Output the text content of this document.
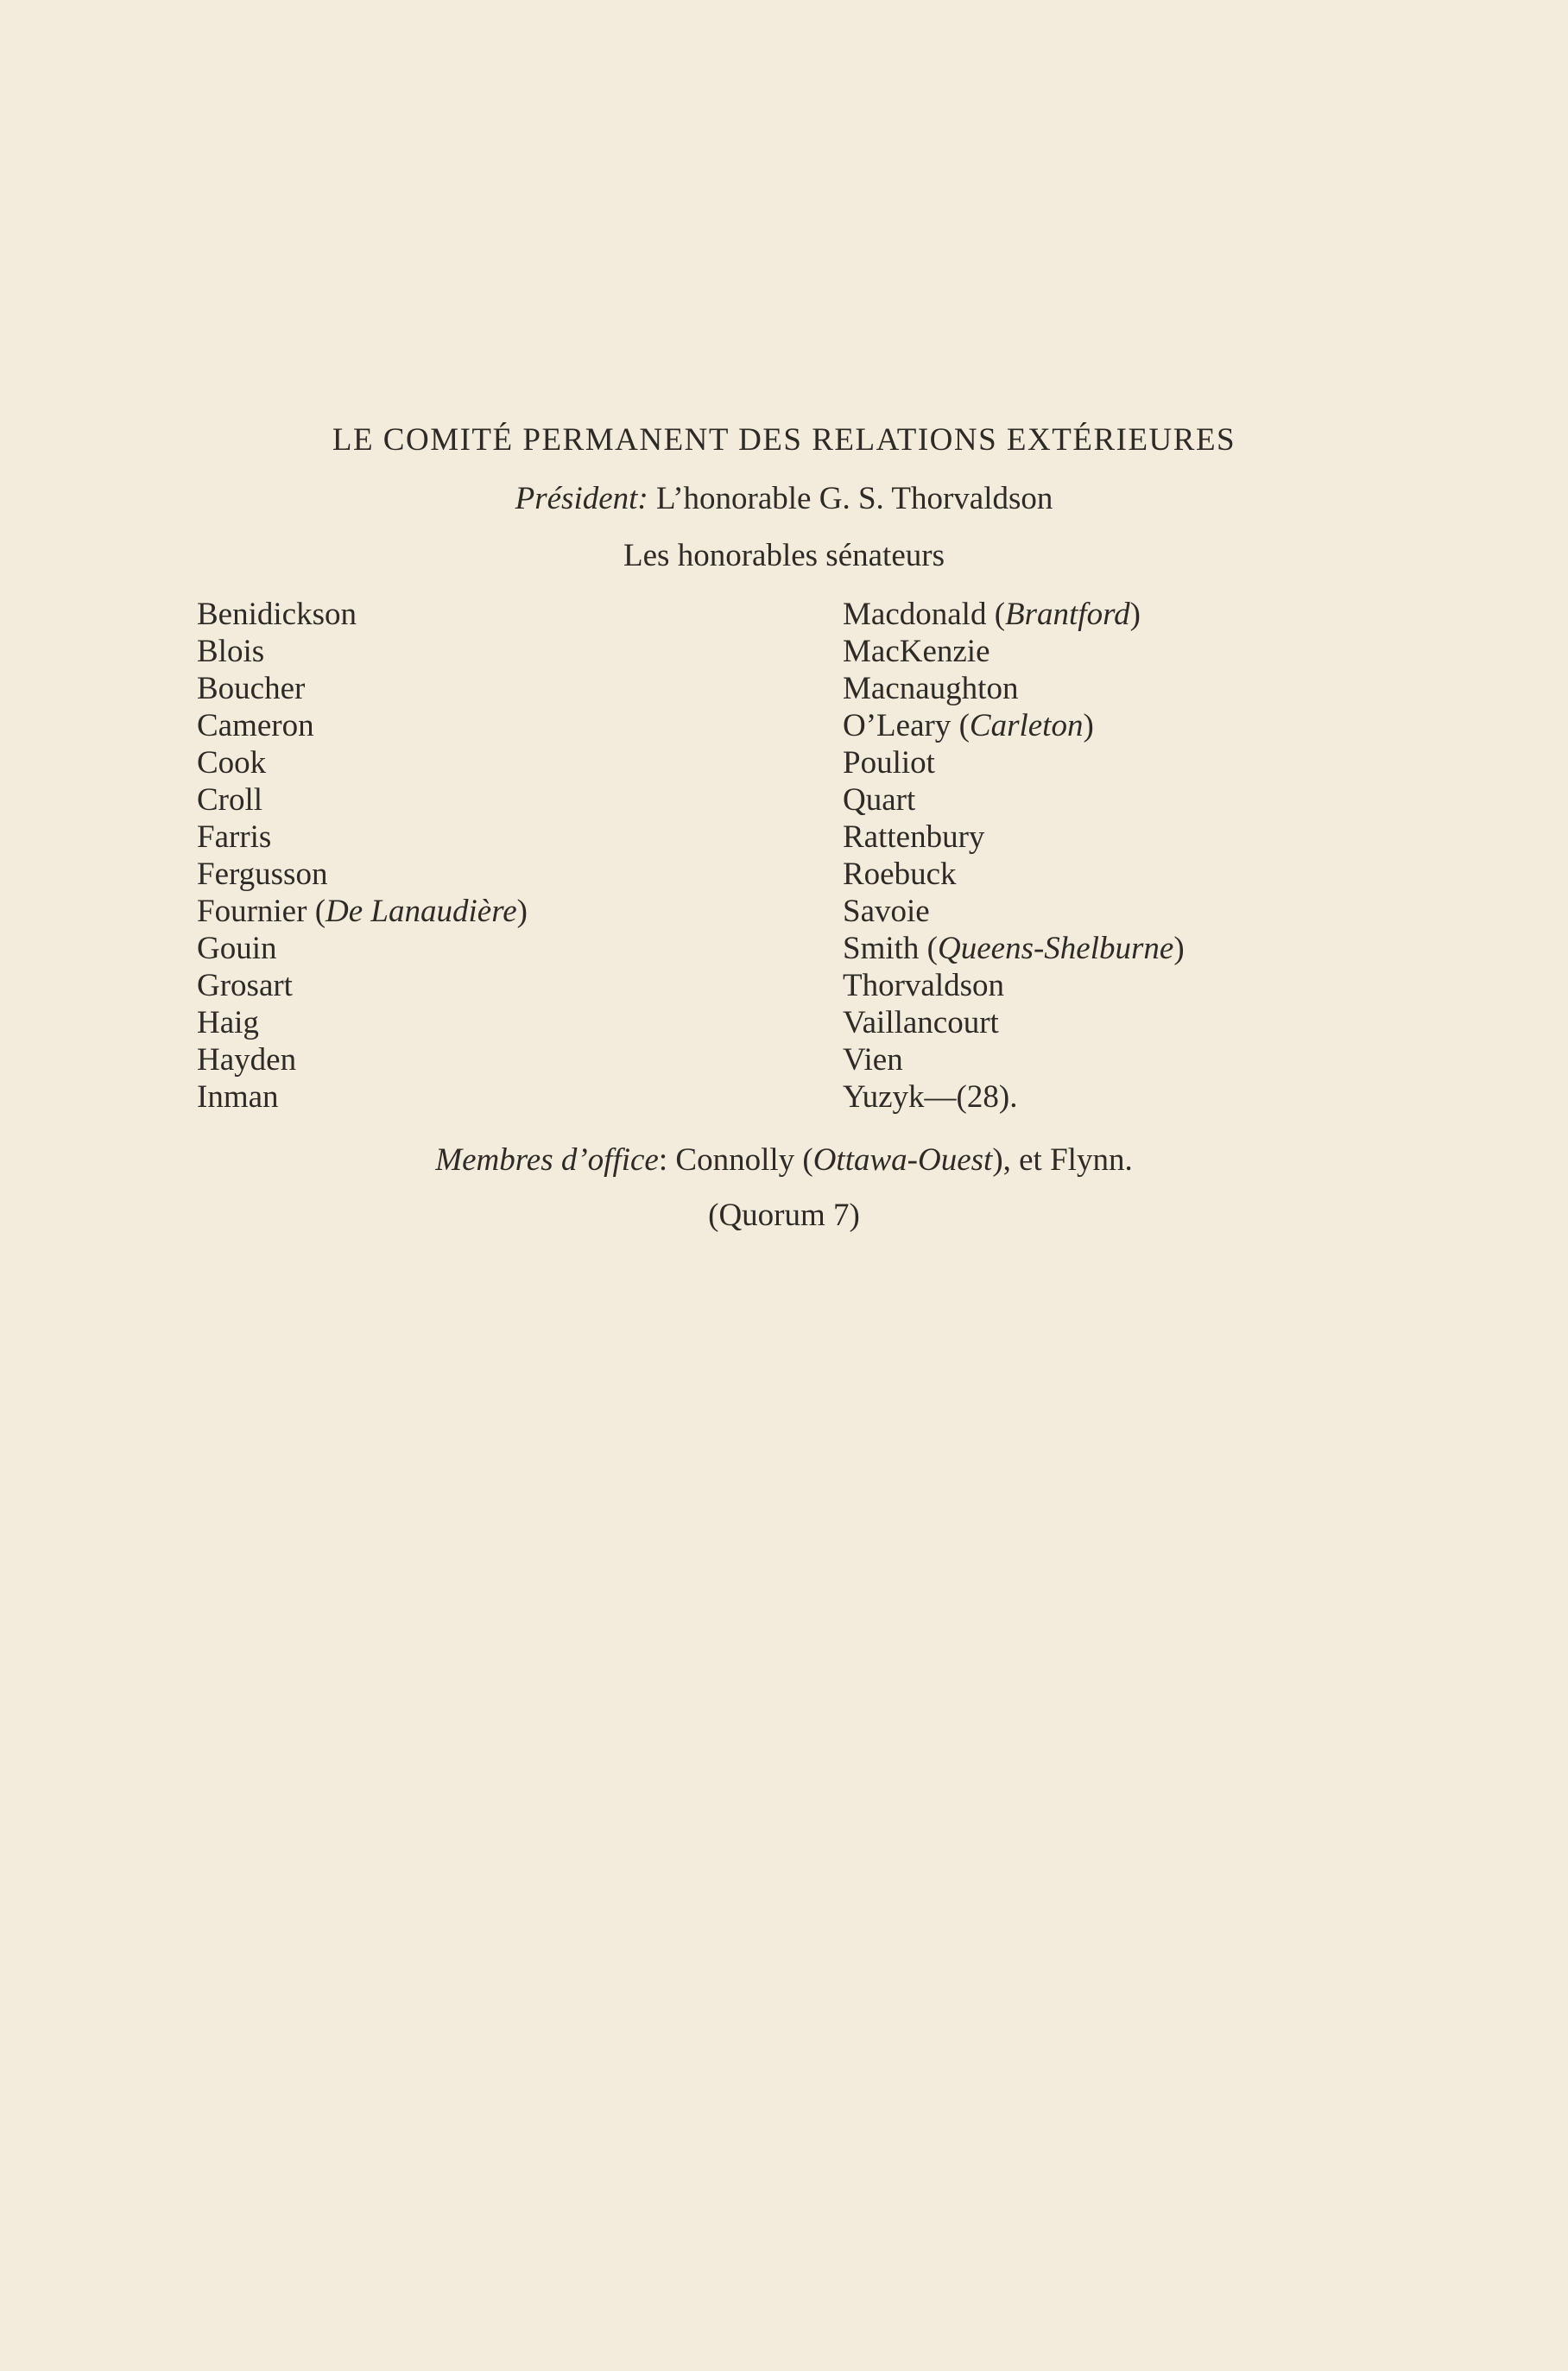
LE COMITÉ PERMANENT DES RELATIONS EXTÉRIEURES
Président: L’honorable G. S. Thorvaldson
Les honorables sénateurs
Benidickson
Blois
Boucher
Cameron
Cook
Croll
Farris
Fergusson
Fournier (De Lanaudière)
Gouin
Grosart
Haig
Hayden
Inman
Macdonald (Brantford)
MacKenzie
Macnaughton
O’Leary (Carleton)
Pouliot
Quart
Rattenbury
Roebuck
Savoie
Smith (Queens-Shelburne)
Thorvaldson
Vaillancourt
Vien
Yuzyk—(28).
Membres d’office: Connolly (Ottawa-Ouest), et Flynn.
(Quorum 7)
